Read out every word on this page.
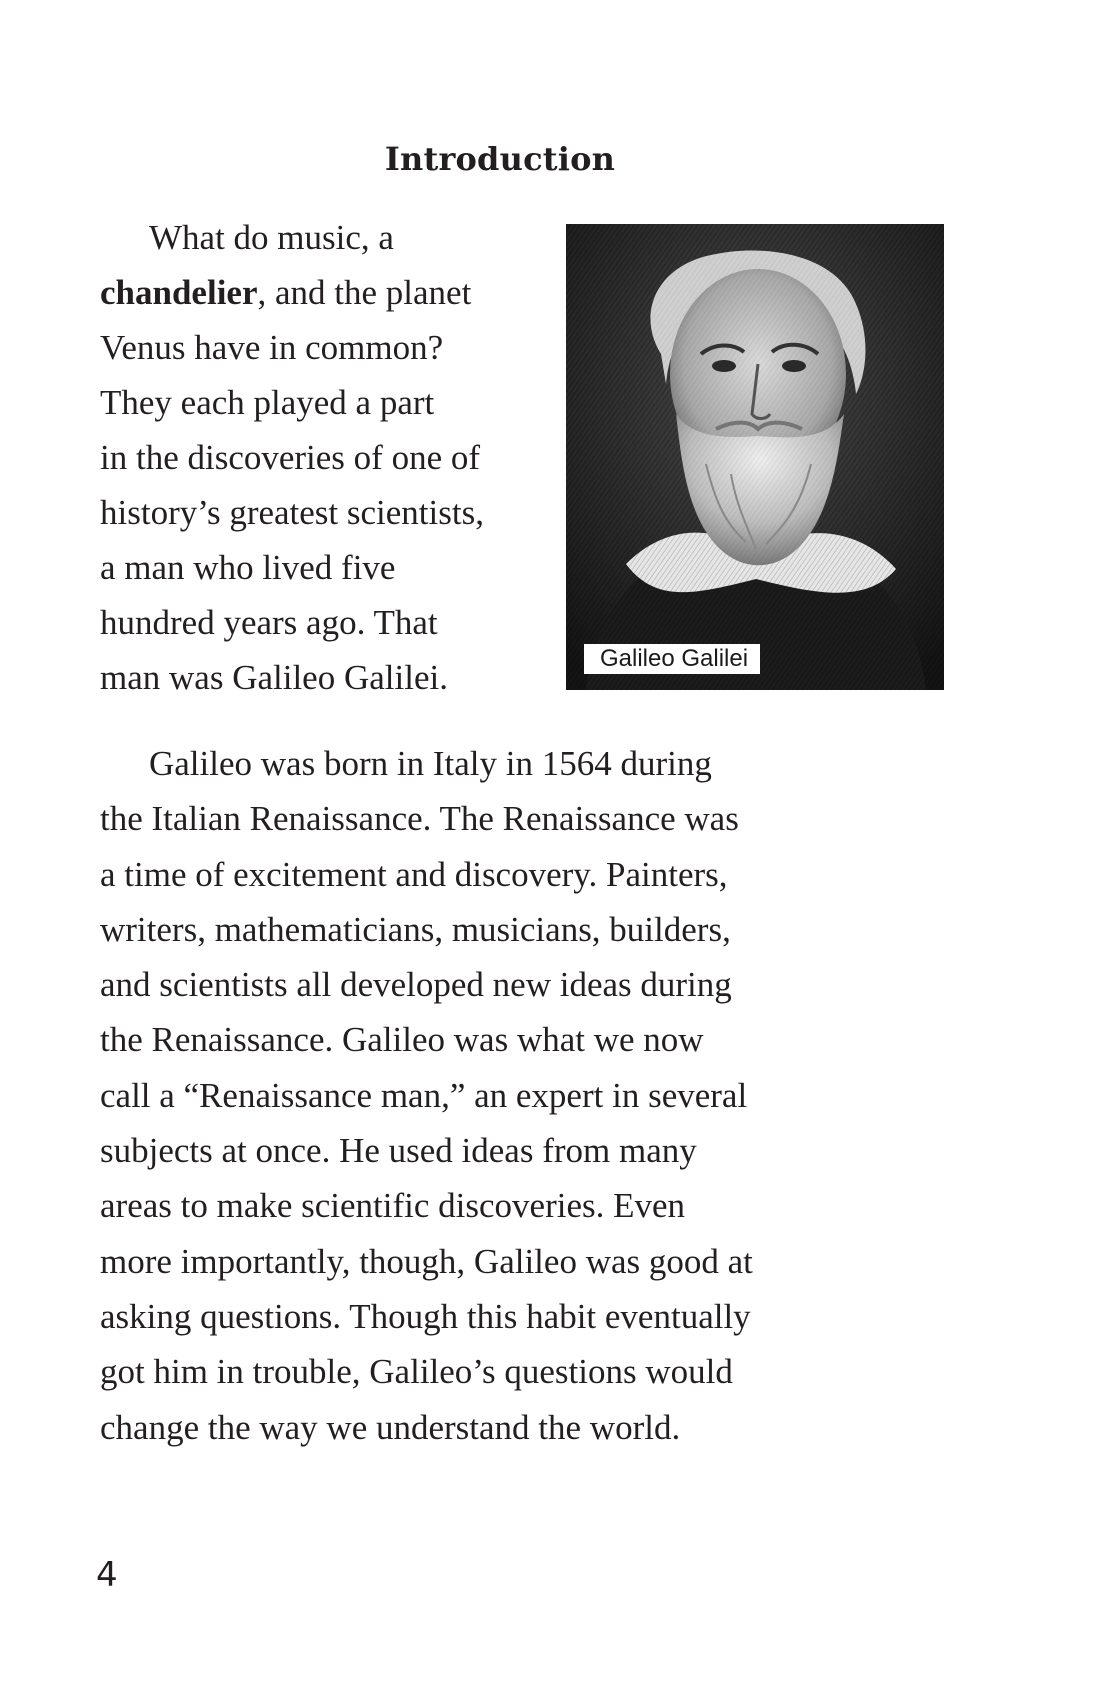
Introduction
What do music, a
chandelier, and the planet
Venus have in common?
They each played a part
in the discoveries of one of
history’s greatest scientists,
a man who lived five
hundred years ago. That
man was Galileo Galilei.	Galileo Galilei
Galileo was born in Italy in 1564 during
the Italian Renaissance. The Renaissance was
a time of excitement and discovery. Painters,
writers, mathematicians, musicians, builders,
and scientists all developed new ideas during
the Renaissance. Galileo was what we now
call a “Renaissance man,” an expert in several
subjects at once. He used ideas from many
areas to make scientific discoveries. Even
more importantly, though, Galileo was good at
asking questions. Though this habit eventually
got him in trouble, Galileo’s questions would
change the way we understand the world.
4
